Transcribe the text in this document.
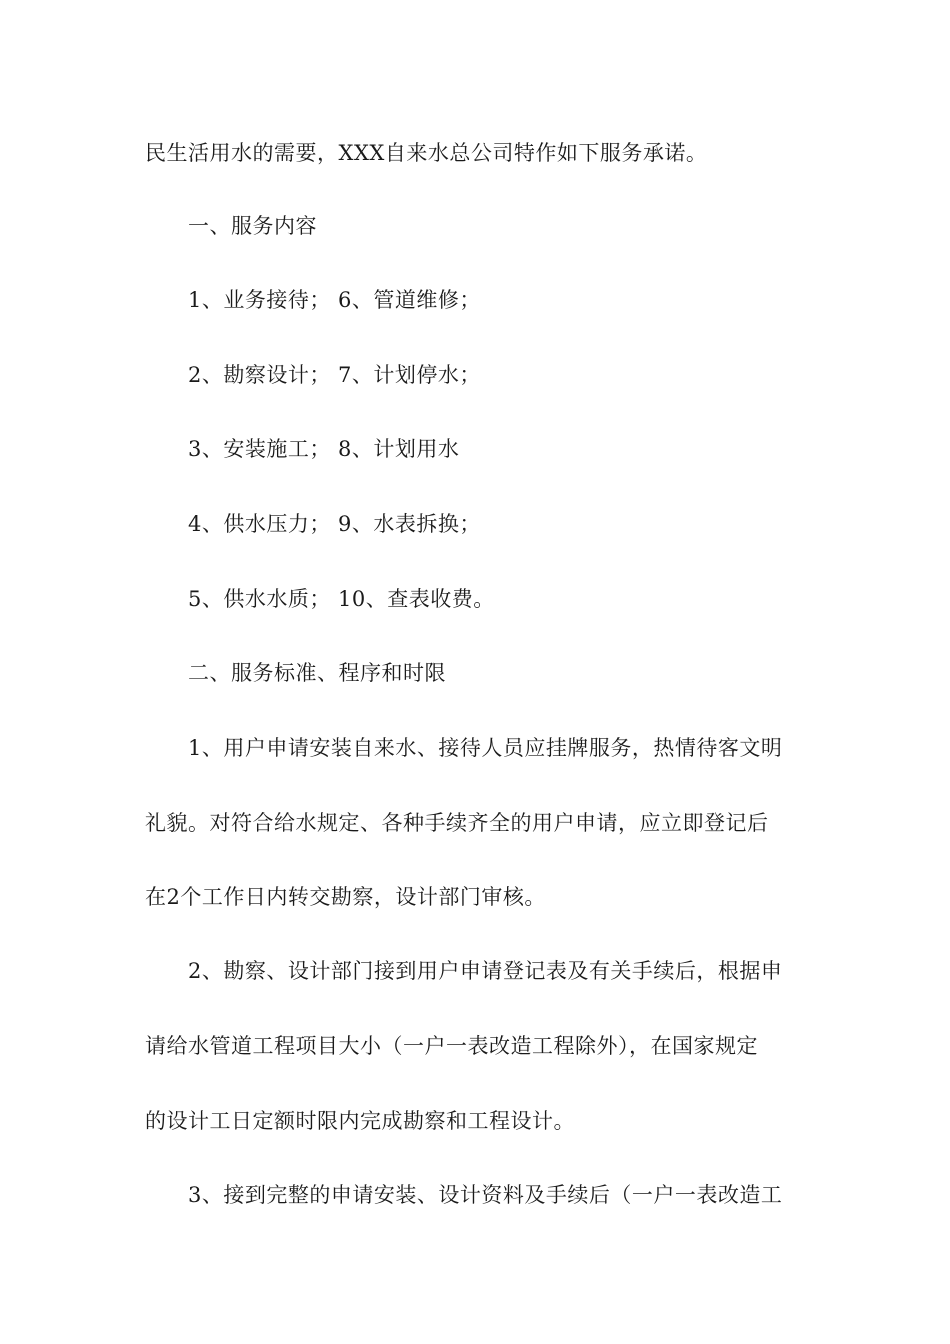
民生活用水的需要，XXX自来水总公司特作如下服务承诺。
一、服务内容
1、业务接待； 6、管道维修；
2、勘察设计； 7、计划停水；
3、安装施工； 8、计划用水
4、供水压力； 9、水表拆换；
5、供水水质； 10、查表收费。
二、服务标准、程序和时限
1、用户申请安装自来水、接待人员应挂牌服务，热情待客文明
礼貌。对符合给水规定、各种手续齐全的用户申请，应立即登记后
在2个工作日内转交勘察，设计部门审核。
2、勘察、设计部门接到用户申请登记表及有关手续后，根据申
请给水管道工程项目大小（一户一表改造工程除外），在国家规定
的设计工日定额时限内完成勘察和工程设计。
3、接到完整的申请安装、设计资料及手续后（一户一表改造工
